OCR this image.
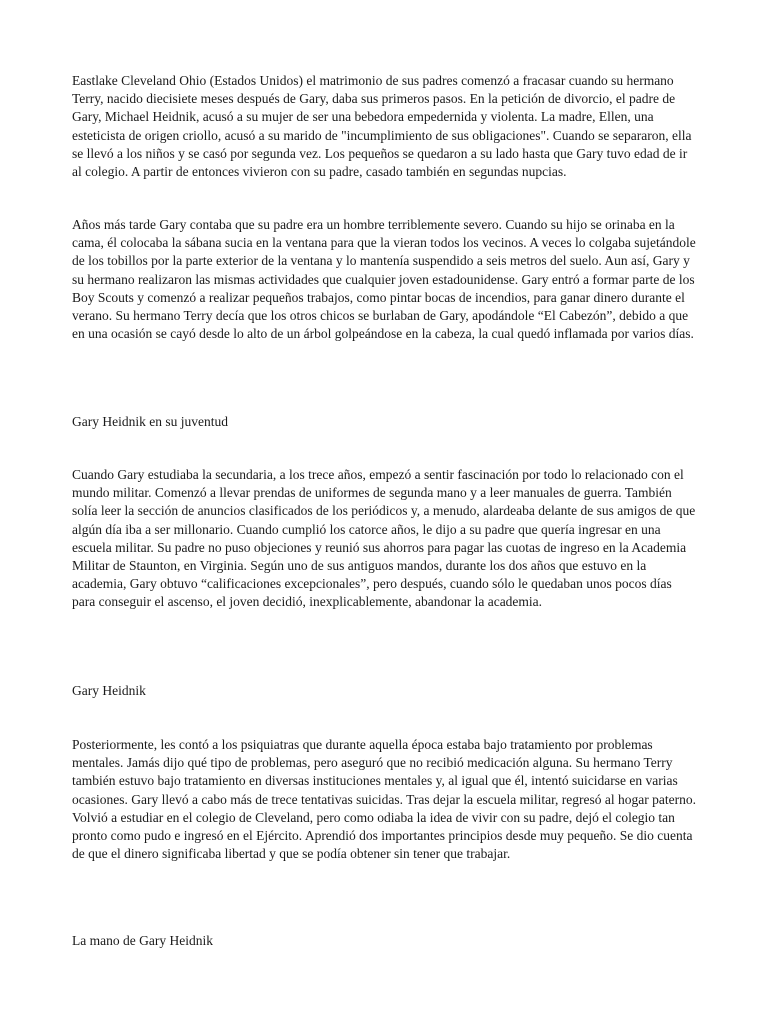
Eastlake Cleveland Ohio (Estados Unidos) el matrimonio de sus padres comenzó a fracasar cuando su hermano Terry, nacido diecisiete meses después de Gary, daba sus primeros pasos. En la petición de divorcio, el padre de Gary, Michael Heidnik, acusó a su mujer de ser una bebedora empedernida y violenta. La madre, Ellen, una esteticista de origen criollo, acusó a su marido de "incumplimiento de sus obligaciones". Cuando se separaron, ella se llevó a los niños y se casó por segunda vez. Los pequeños se quedaron a su lado hasta que Gary tuvo edad de ir al colegio. A partir de entonces vivieron con su padre, casado también en segundas nupcias.

Años más tarde Gary contaba que su padre era un hombre terriblemente severo. Cuando su hijo se orinaba en la cama, él colocaba la sábana sucia en la ventana para que la vieran todos los vecinos. A veces lo colgaba sujetándole de los tobillos por la parte exterior de la ventana y lo mantenía suspendido a seis metros del suelo. Aun así, Gary y su hermano realizaron las mismas actividades que cualquier joven estadounidense. Gary entró a formar parte de los Boy Scouts y comenzó a realizar pequeños trabajos, como pintar bocas de incendios, para ganar dinero durante el verano. Su hermano Terry decía que los otros chicos se burlaban de Gary, apodándole “El Cabezón”, debido a que en una ocasión se cayó desde lo alto de un árbol golpeándose en la cabeza, la cual quedó inflamada por varios días.

Gary Heidnik en su juventud

Cuando Gary estudiaba la secundaria, a los trece años, empezó a sentir fascinación por todo lo relacionado con el mundo militar. Comenzó a llevar prendas de uniformes de segunda mano y a leer manuales de guerra. También solía leer la sección de anuncios clasificados de los periódicos y, a menudo, alardeaba delante de sus amigos de que algún día iba a ser millonario. Cuando cumplió los catorce años, le dijo a su padre que quería ingresar en una escuela militar. Su padre no puso objeciones y reunió sus ahorros para pagar las cuotas de ingreso en la Academia Militar de Staunton, en Virginia. Según uno de sus antiguos mandos, durante los dos años que estuvo en la academia, Gary obtuvo “calificaciones excepcionales”, pero después, cuando sólo le quedaban unos pocos días para conseguir el ascenso, el joven decidió, inexplicablemente, abandonar la academia.

Gary Heidnik

Posteriormente, les contó a los psiquiatras que durante aquella época estaba bajo tratamiento por problemas mentales. Jamás dijo qué tipo de problemas, pero aseguró que no recibió medicación alguna. Su hermano Terry también estuvo bajo tratamiento en diversas instituciones mentales y, al igual que él, intentó suicidarse en varias ocasiones. Gary llevó a cabo más de trece tentativas suicidas. Tras dejar la escuela militar, regresó al hogar paterno. Volvió a estudiar en el colegio de Cleveland, pero como odiaba la idea de vivir con su padre, dejó el colegio tan pronto como pudo e ingresó en el Ejército. Aprendió dos importantes principios desde muy pequeño. Se dio cuenta de que el dinero significaba libertad y que se podía obtener sin tener que trabajar.

La mano de Gary Heidnik
